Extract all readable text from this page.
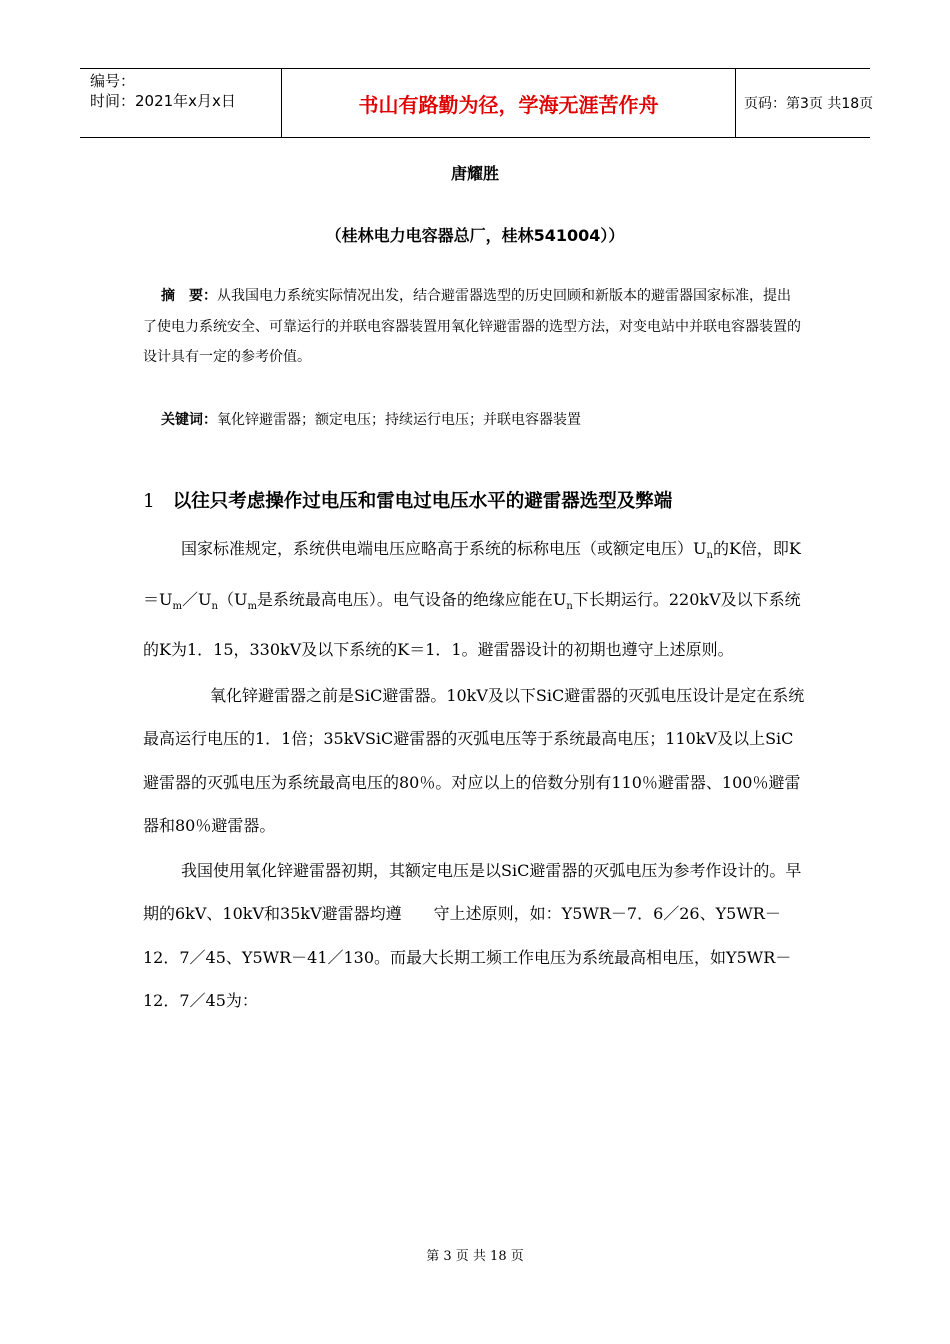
编号：
时间：2021年x月x日	书山有路勤为径，学海无涯苦作舟	页码：第3页 共18页
唐耀胜
（桂林电力电容器总厂，桂林541004））

摘　要：从我国电力系统实际情况出发，结合避雷器选型的历史回顾和新版本的避雷器国家标准，提出了使电力系统安全、可靠运行的并联电容器装置用氧化锌避雷器的选型方法，对变电站中并联电容器装置的设计具有一定的参考价值。

关键词：氧化锌避雷器；额定电压；持续运行电压；并联电容器装置
1 以往只考虑操作过电压和雷电过电压水平的避雷器选型及弊端

国家标准规定，系统供电端电压应略高于系统的标称电压（或额定电压）$U_n$的K倍，即$K=U_m/U_n(U_m$是系统最高电压）。电气设备的绝缘应能在$U_n$下长期运行。220kV及以下系统的K为1．15，330kV及以下系统的K＝1．1。避雷器设计的初期也遵守上述原则。

氧化锌避雷器之前是SiC避雷器。10kV及以下SiC避雷器的灭弧电压设计是定在系统最高运行电压的1．1倍；35kVSiC避雷器的灭弧电压等于系统最高电压；110kV及以上SiC避雷器的灭弧电压为系统最高电压的80％。对应以上的倍数分别有110％避雷器、100％避雷器和80％避雷器。

我国使用氧化锌避雷器初期，其额定电压是以SiC避雷器的灭弧电压为参考作设计的。早期的6kV、10kV和35kV避雷器均遵　　守上述原则，如：Y5WR－7．6／26、Y5WR－12．7／45、Y5WR－41／130。而最大长期工频工作电压为系统最高相电压，如Y5WR－12．7／45为：

第 3 页 共 18 页
